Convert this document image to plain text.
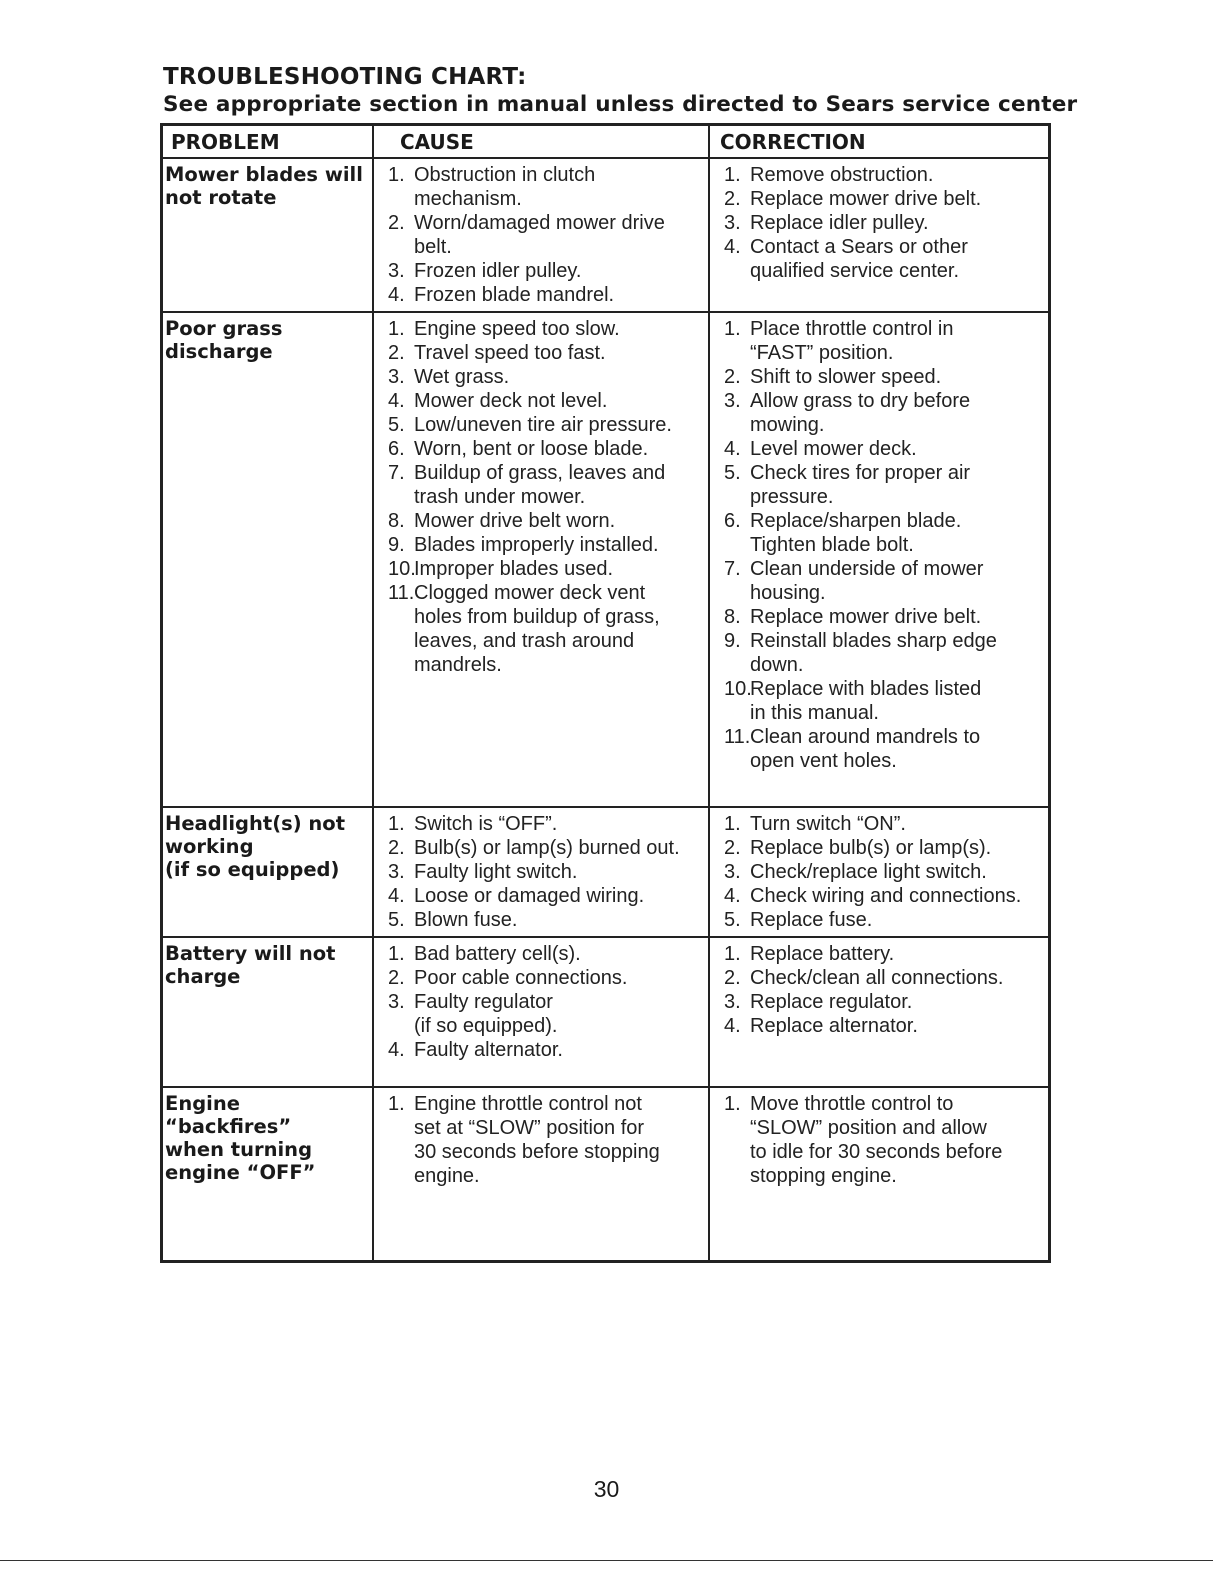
TROUBLESHOOTING CHART:
See appropriate section in manual unless directed to Sears service center
PROBLEM	CAUSE	CORRECTION
Mower blades will
not rotate
1. Obstruction in clutch
mechanism.
2. Worn/damaged mower drive
belt.
3. Frozen idler pulley.
4. Frozen blade mandrel.
1. Remove obstruction.

2. Replace mower drive belt.

3. Replace idler pulley.
4. Contact a Sears or other
qualified service center.
Poor grass
discharge
1. Engine speed too slow.

2. Travel speed too fast.
3. Wet grass.

4. Mower deck not level.
5. Low/uneven tire air pressure.

6. Worn, bent or loose blade.

7. Buildup of grass, leaves and
trash under mower.
8. Mower drive belt worn.
9. Blades improperly installed.

10.
Improper blades used.

11. Clogged mower deck vent
holes from buildup of grass,
leaves, and trash around
mandrels.
1. Place throttle control in
“FAST” position.
2. Shift to slower speed.
3. Allow grass to dry before
mowing.
4. Level mower deck.
5. Check tires for proper air
pressure.
6. Replace/sharpen blade.
Tighten blade bolt.
7. Clean underside of mower
housing.
8. Replace mower drive belt.
9. Reinstall blades sharp edge
down.
10.
Replace with blades listed
in this manual.
11. Clean around mandrels to
open vent holes.
Headlight(s) not
working
(if so equipped)
1. Switch is “OFF”.
2. Bulb(s) or lamp(s) burned out.
3. Faulty light switch.
4. Loose or damaged wiring.
5. Blown fuse.
1. Turn switch “ON”.
2. Replace bulb(s) or lamp(s).
3. Check/replace light switch.
4. Check wiring and connections.
5. Replace fuse.
Battery will not
charge
1. Bad battery cell(s).
2. Poor cable connections.
3. Faulty regulator
(if so equipped).
4. Faulty alternator.
1. Replace battery.
2. Check/clean all connections.
3. Replace regulator.

4. Replace alternator.
Engine “backfires”
when turning
engine “OFF”
1. Engine throttle control not
set at “SLOW” position for
30 seconds before stopping
engine.
1. Move throttle control to
“SLOW” position and allow
to idle for 30 seconds before
stopping engine.
30
